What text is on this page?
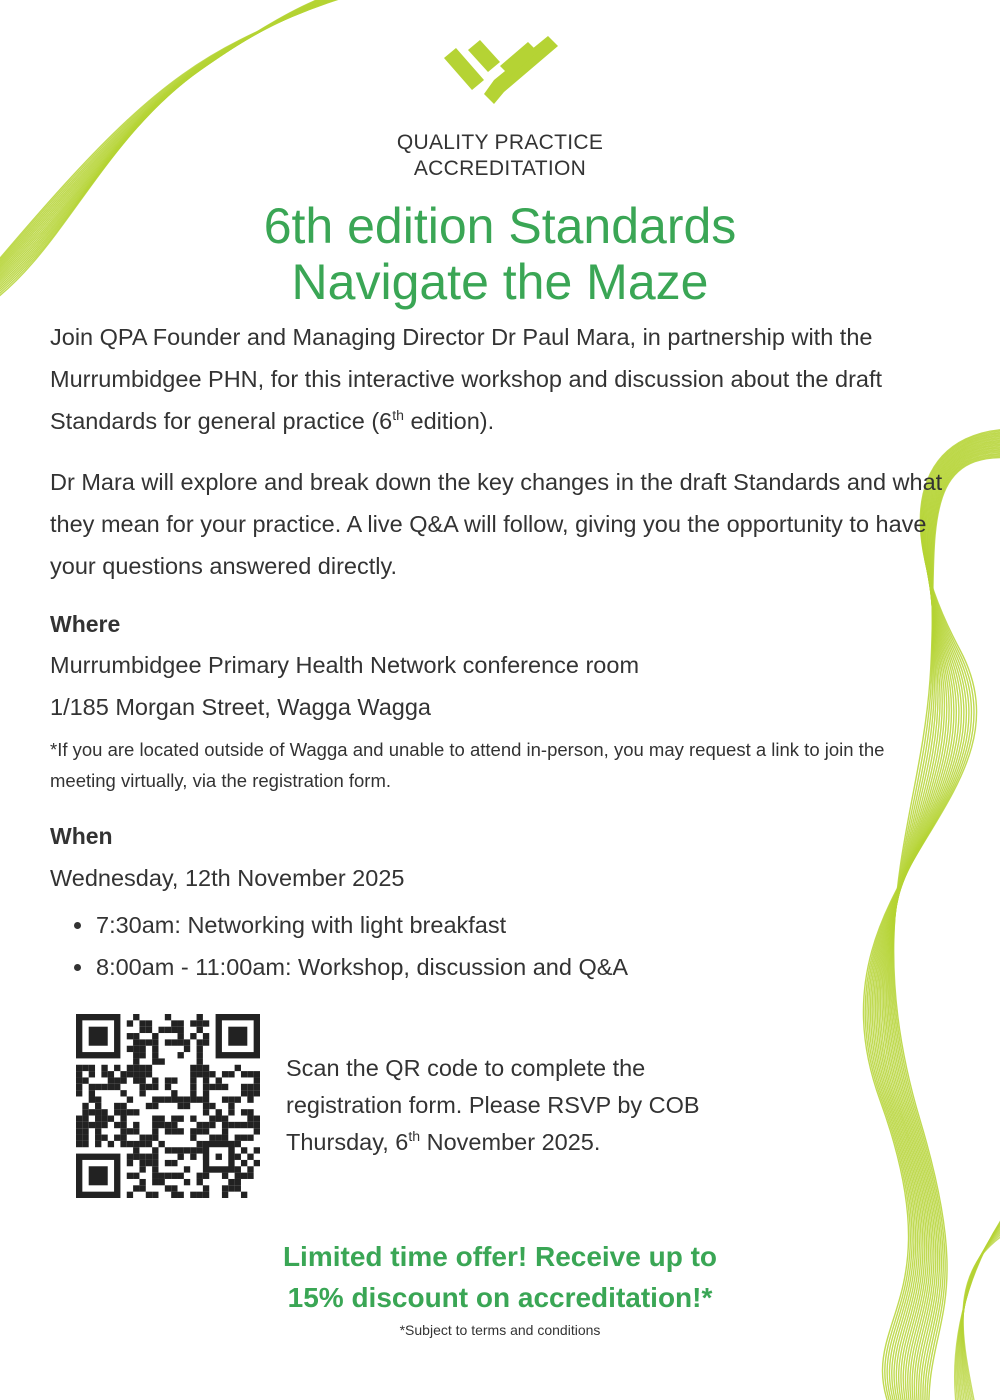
QUALITY PRACTICE
ACCREDITATION
6th edition Standards
Navigate the Maze

Join QPA Founder and Managing Director Dr Paul Mara, in partnership with the Murrumbidgee PHN, for this interactive workshop and discussion about the draft Standards for general practice (6th edition).

Dr Mara will explore and break down the key changes in the draft Standards and what they mean for your practice. A live Q&A will follow, giving you the opportunity to have your questions answered directly.

Where

Murrumbidgee Primary Health Network conference room

1/185 Morgan Street, Wagga Wagga

*If you are located outside of Wagga and unable to attend in-person, you may request a link to join the meeting virtually, via the registration form.

When

Wednesday, 12th November 2025

7:30am: Networking with light breakfast
8:00am - 11:00am: Workshop, discussion and Q&A

Scan the QR code to complete the registration form. Please RSVP by COB Thursday, 6th November 2025.

Limited time offer! Receive up to
15% discount on accreditation!*

*Subject to terms and conditions
